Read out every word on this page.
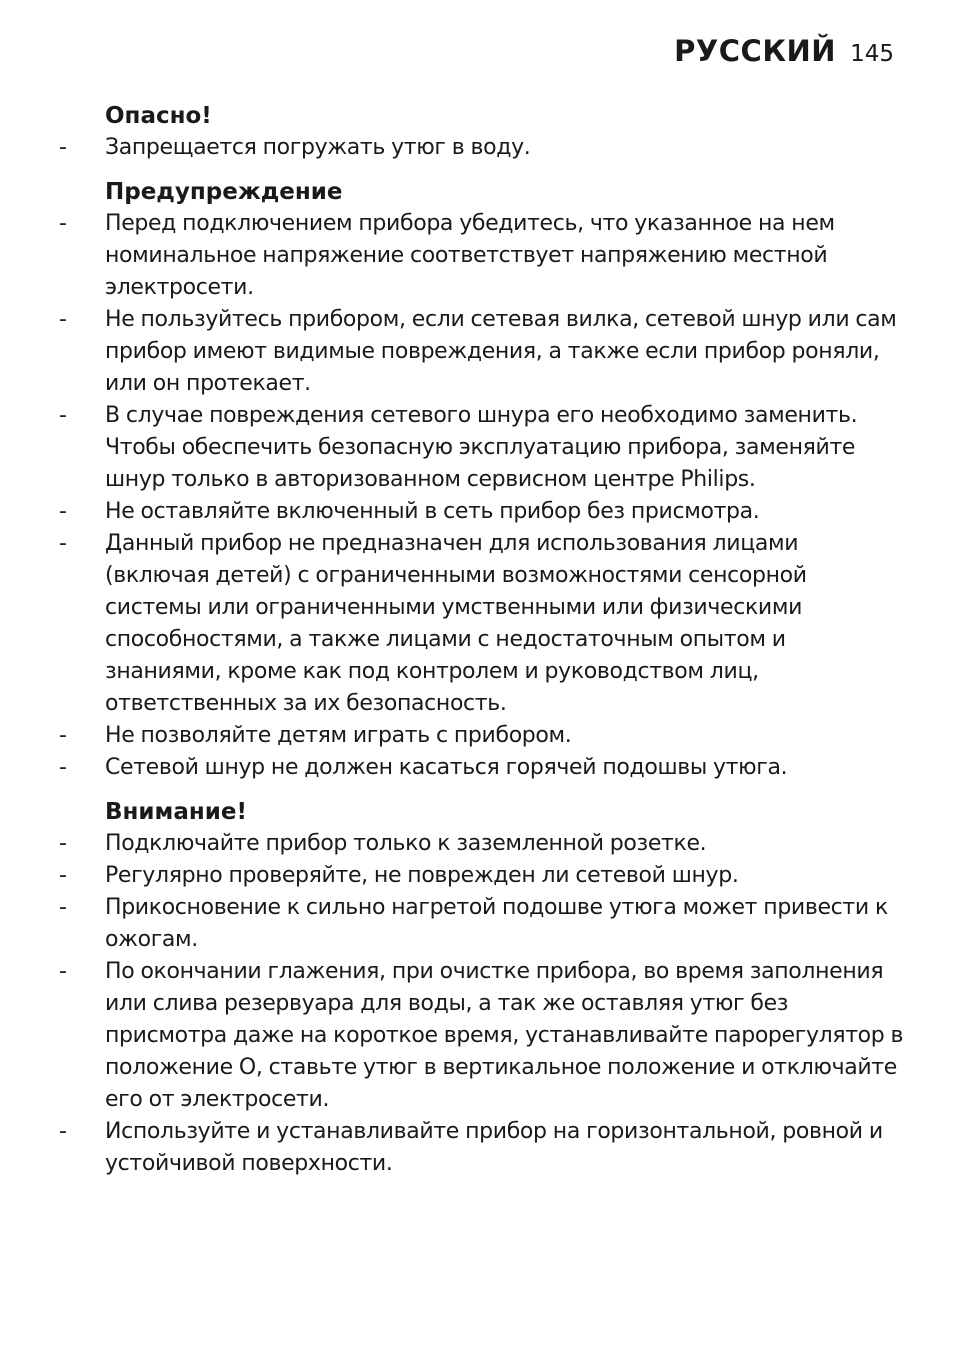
РУССКИЙ 145
Опасно!
- Запрещается погружать утюг в воду.
Предупреждение
- Перед подключением прибора убедитесь, что указанное на нем номинальное напряжение соответствует напряжению местной электросети.
- Не пользуйтесь прибором, если сетевая вилка, сетевой шнур или сам прибор имеют видимые повреждения, а также если прибор роняли, или он протекает.
- В случае повреждения сетевого шнура его необходимо заменить. Чтобы обеспечить безопасную эксплуатацию прибора, заменяйте шнур только в авторизованном сервисном центре Philips.
- Не оставляйте включенный в сеть прибор без присмотра.
- Данный прибор не предназначен для использования лицами (включая детей) с ограниченными возможностями сенсорной системы или ограниченными умственными или физическими способностями, а также лицами с недостаточным опытом и знаниями, кроме как под контролем и руководством лиц, ответственных за их безопасность.
- Не позволяйте детям играть с прибором.
- Сетевой шнур не должен касаться горячей подошвы утюга.
Внимание!
- Подключайте прибор только к заземленной розетке.
- Регулярно проверяйте, не поврежден ли сетевой шнур.
- Прикосновение к сильно нагретой подошве утюга может привести к ожогам.
- По окончании глажения, при очистке прибора, во время заполнения или слива резервуара для воды, а так же оставляя утюг без присмотра даже на короткое время, устанавливайте парорегулятор в положение O, ставьте утюг в вертикальное положение и отключайте его от электросети.
- Используйте и устанавливайте прибор на горизонтальной, ровной и устойчивой поверхности.
